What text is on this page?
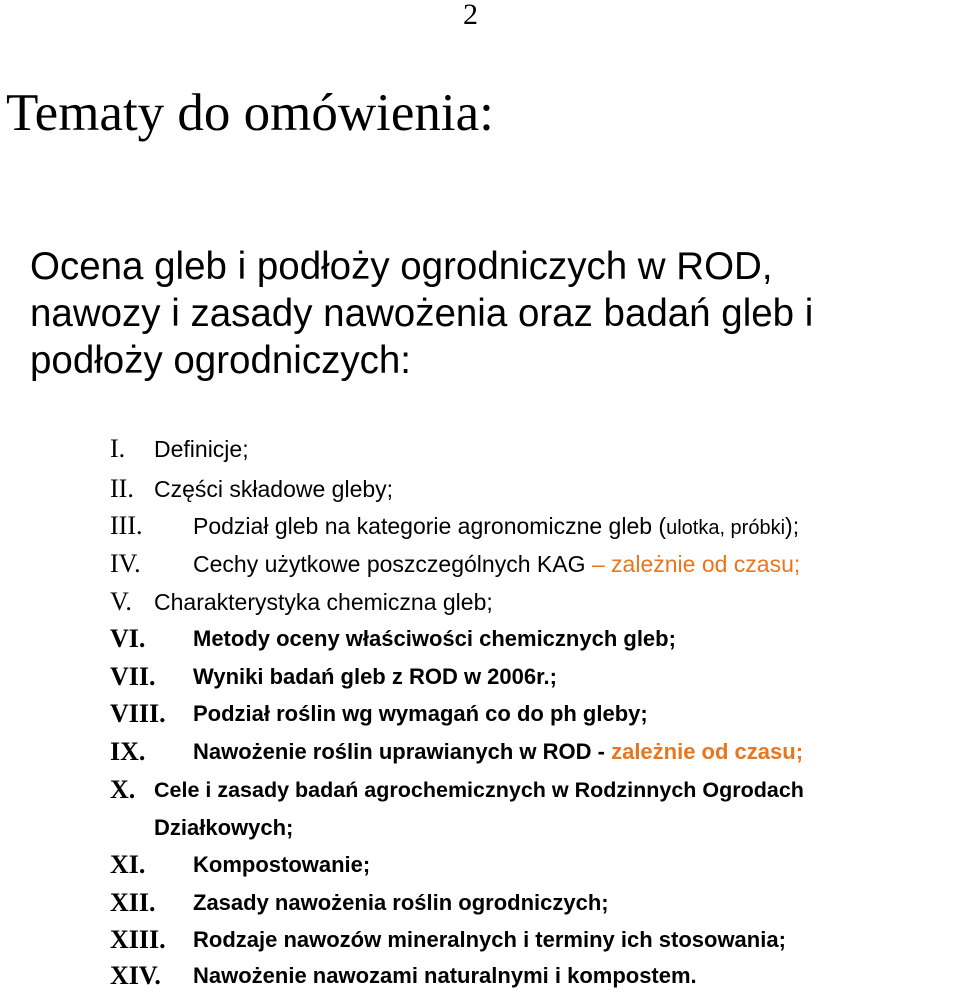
2
Tematy do omówienia:
Ocena gleb i podłoży ogrodniczych w ROD,
nawozy i zasady nawożenia oraz badań gleb i
podłoży ogrodniczych:
I. Definicje;
II. Części składowe gleby;
III. Podział gleb na kategorie agronomiczne gleb (ulotka, próbki);
IV. Cechy użytkowe poszczególnych KAG – zależnie od czasu;
V. Charakterystyka chemiczna gleb;
VI. Metody oceny właściwości chemicznych gleb;
VII. Wyniki badań gleb z ROD w 2006r.;
VIII. Podział roślin wg wymagań co do ph gleby;
IX. Nawożenie roślin uprawianych w ROD - zależnie od czasu;
X. Cele i zasady badań agrochemicznych w Rodzinnych Ogrodach
Działkowych;
XI. Kompostowanie;
XII. Zasady nawożenia roślin ogrodniczych;
XIII. Rodzaje nawozów mineralnych i terminy ich stosowania;
XIV. Nawożenie nawozami naturalnymi i kompostem.
